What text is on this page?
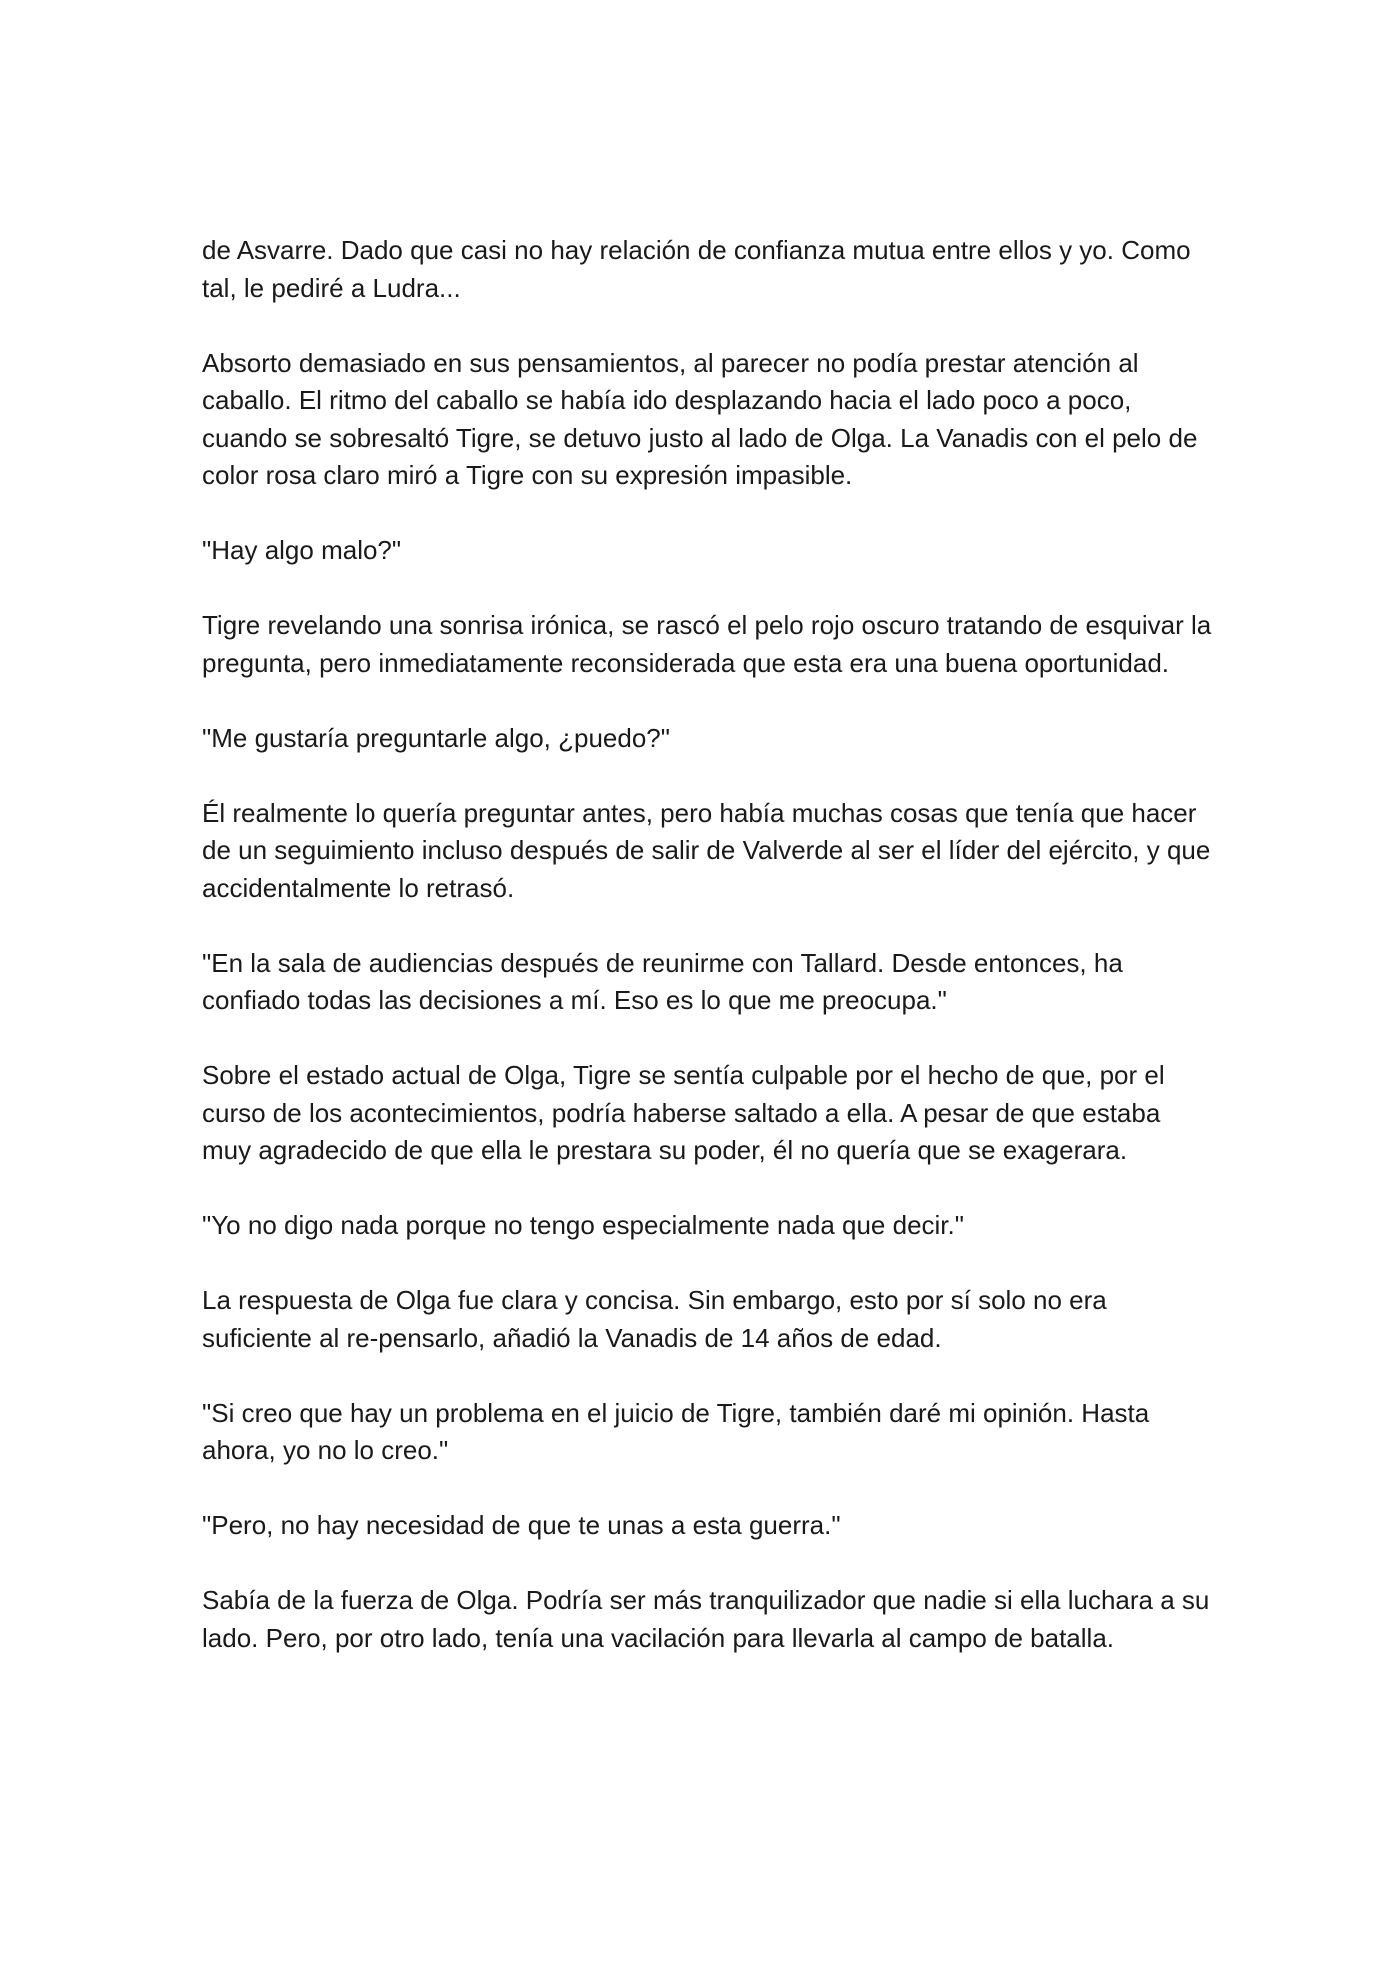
de Asvarre. Dado que casi no hay relación de confianza mutua entre ellos y yo. Como tal, le pediré a Ludra...

Absorto demasiado en sus pensamientos, al parecer no podía prestar atención al caballo. El ritmo del caballo se había ido desplazando hacia el lado poco a poco, cuando se sobresaltó Tigre, se detuvo justo al lado de Olga. La Vanadis con el pelo de color rosa claro miró a Tigre con su expresión impasible.

"Hay algo malo?"

Tigre revelando una sonrisa irónica, se rascó el pelo rojo oscuro tratando de esquivar la pregunta, pero inmediatamente reconsiderada que esta era una buena oportunidad.

"Me gustaría preguntarle algo, ¿puedo?"

Él realmente lo quería preguntar antes, pero había muchas cosas que tenía que hacer de un seguimiento incluso después de salir de Valverde al ser el líder del ejército, y que accidentalmente lo retrasó.

"En la sala de audiencias después de reunirme con Tallard. Desde entonces, ha confiado todas las decisiones a mí. Eso es lo que me preocupa."

Sobre el estado actual de Olga, Tigre se sentía culpable por el hecho de que, por el curso de los acontecimientos, podría haberse saltado a ella. A pesar de que estaba muy agradecido de que ella le prestara su poder, él no quería que se exagerara.

"Yo no digo nada porque no tengo especialmente nada que decir."

La respuesta de Olga fue clara y concisa. Sin embargo, esto por sí solo no era suficiente al re-pensarlo, añadió la Vanadis de 14 años de edad.

"Si creo que hay un problema en el juicio de Tigre, también daré mi opinión. Hasta ahora, yo no lo creo."

"Pero, no hay necesidad de que te unas a esta guerra."

Sabía de la fuerza de Olga. Podría ser más tranquilizador que nadie si ella luchara a su lado. Pero, por otro lado, tenía una vacilación para llevarla al campo de batalla.
